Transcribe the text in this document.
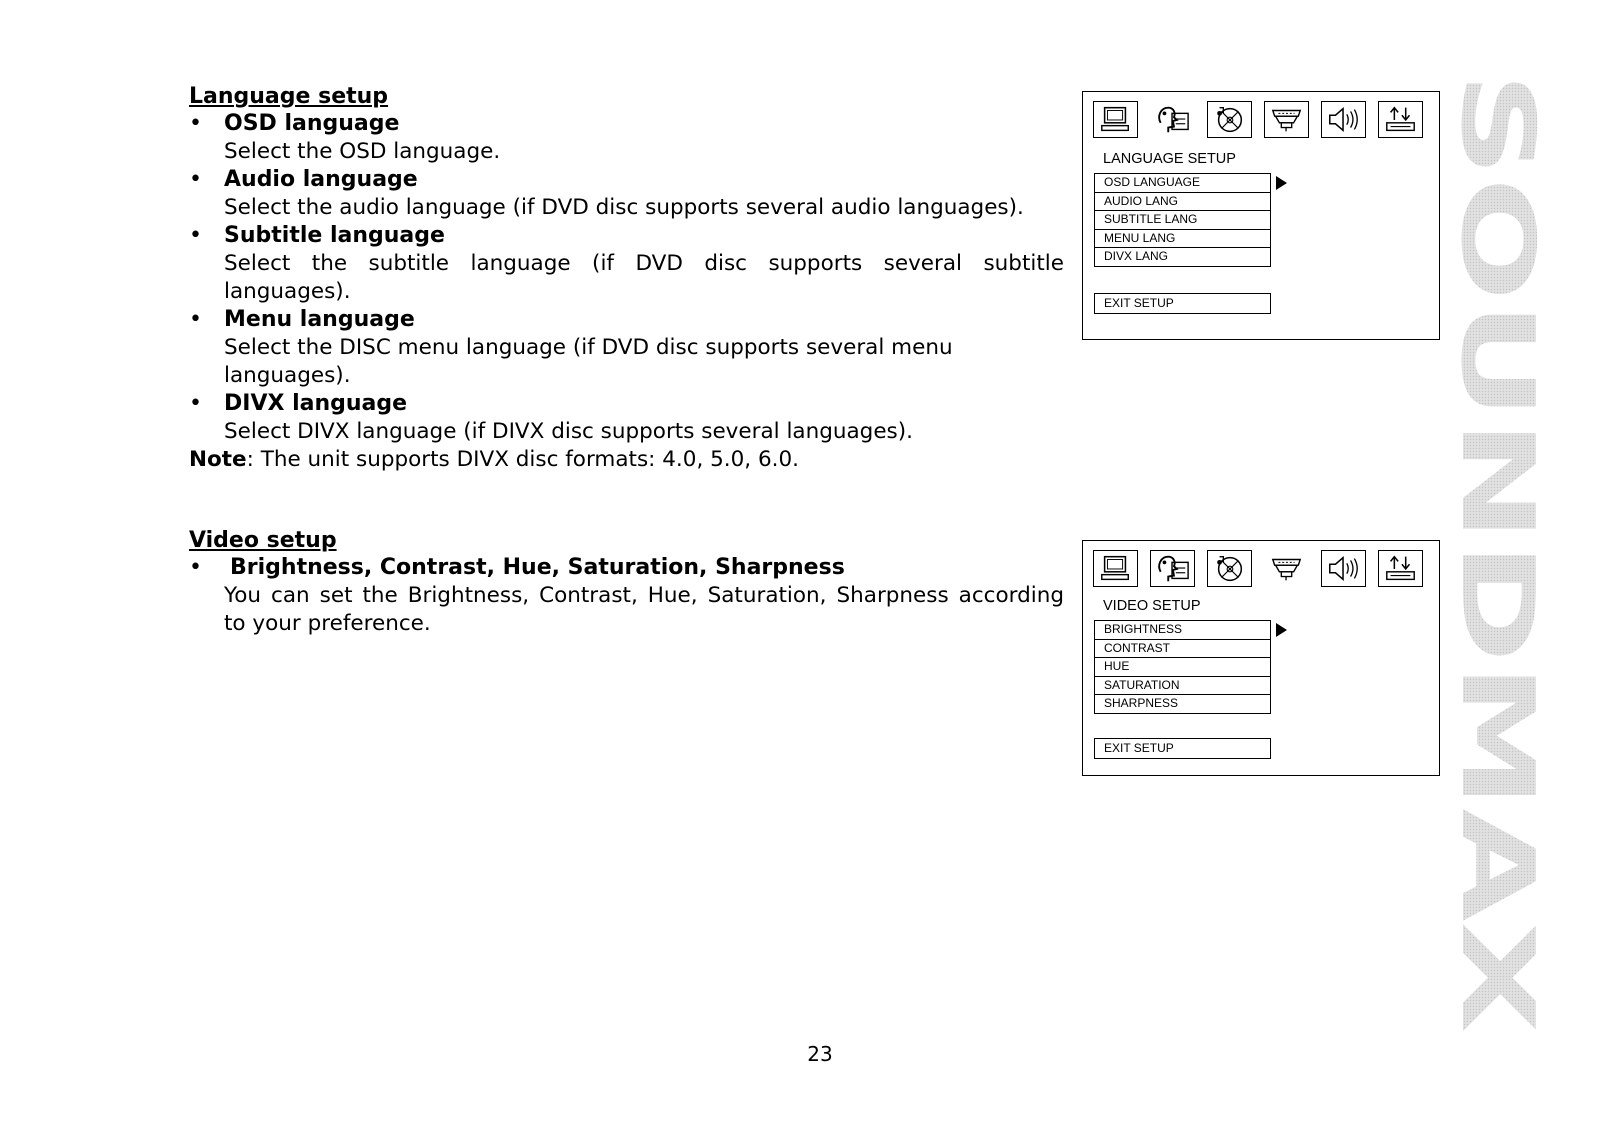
Language setup
• OSD language
Select the OSD language.
• Audio language
Select the audio language (if DVD disc supports several audio languages).
• Subtitle language
Select the subtitle language (if DVD disc supports several subtitle languages).
• Menu language
Select the DISC menu language (if DVD disc supports several menu languages).
• DIVX language
Select DIVX language (if DIVX disc supports several languages).

Note: The unit supports DIVX disc formats: 4.0, 5.0, 6.0.

Video setup
• Brightness, Contrast, Hue, Saturation, Sharpness
You can set the Brightness, Contrast, Hue, Saturation, Sharpness according to your preference.
LANGUAGE SETUP
OSD LANGUAGE
AUDIO LANG
SUBTITLE LANG
MENU LANG
DIVX LANG
EXIT SETUP
VIDEO SETUP
BRIGHTNESS
CONTRAST
HUE
SATURATION
SHARPNESS
EXIT SETUP
SOUNDMAX
23
